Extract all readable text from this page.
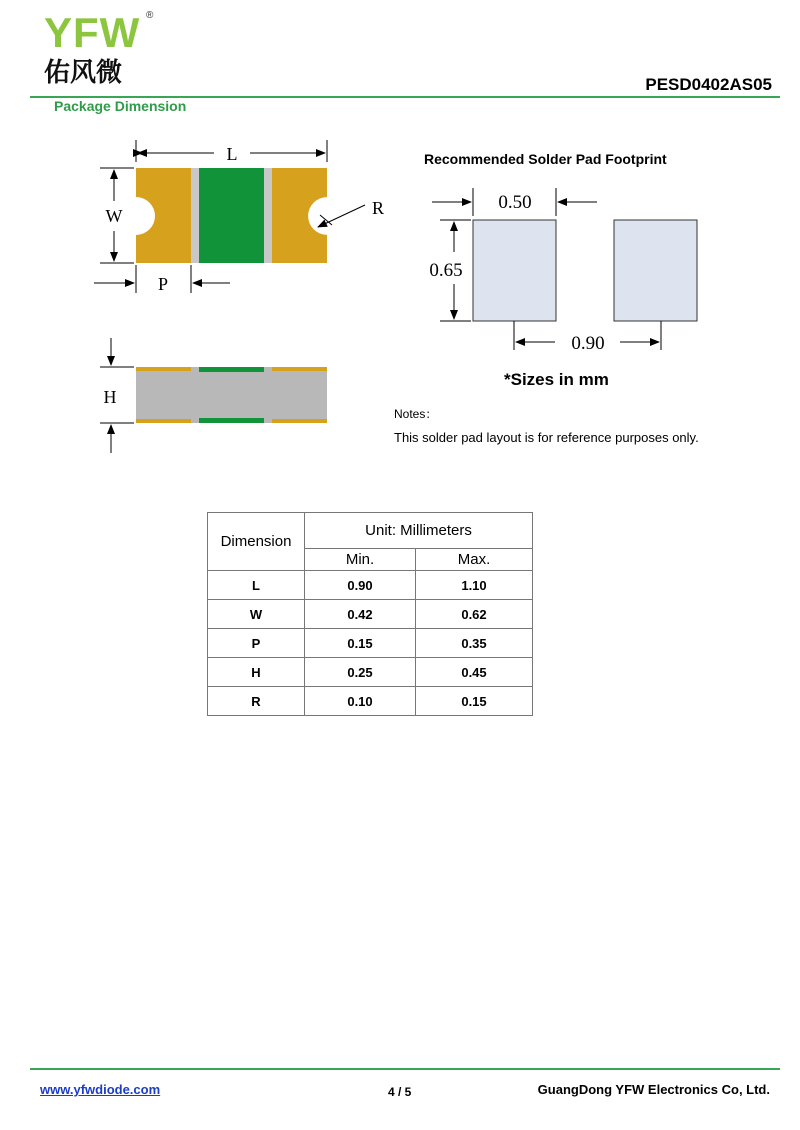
YFW ®
佑风微	PESD0402AS05
Package Dimension
L
W	R
P
H
Recommended Solder Pad Footprint
0.50
0.65
0.90
*Sizes in mm
Notes：
This solder pad layout is for reference purposes only.
Dimension	Unit: Millimeters	
	Min.	Max.
L	0.90	1.10
W	0.42	0.62
P	0.15	0.35
H	0.25	0.45
R	0.10	0.15
www.yfwdiode.com	4 / 5	GuangDong YFW Electronics Co, Ltd.
